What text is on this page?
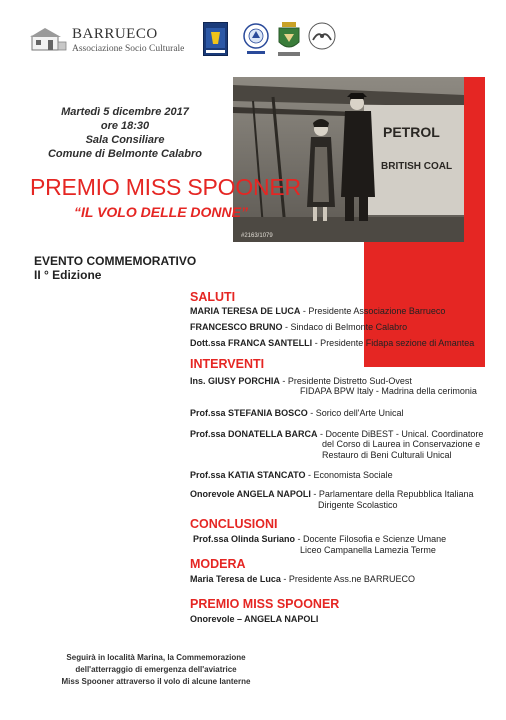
BARRUECO
Associazione Socio Culturale
PETROL
BRITISH COAL
#2163/1079
Martedì 5 dicembre 2017
ore 18:30
Sala Consiliare
Comune di Belmonte Calabro
PREMIO MISS SPOONER
“IL VOLO DELLE DONNE”
EVENTO COMMEMORATIVO
II ° Edizione
SALUTI
MARIA TERESA DE LUCA - Presidente Associazione Barrueco
FRANCESCO BRUNO - Sindaco di Belmonte Calabro
Dott.ssa FRANCA SANTELLI - Presidente Fidapa sezione di Amantea
INTERVENTI
Ins. GIUSY PORCHIA - Presidente Distretto Sud-Ovest
FIDAPA BPW Italy - Madrina della cerimonia
Prof.ssa STEFANIA BOSCO - Sorico dell'Arte Unical
Prof.ssa DONATELLA BARCA - Docente DiBEST - Unical. Coordinatore
del Corso di Laurea in Conservazione e
Restauro di Beni Culturali Unical
Prof.ssa KATIA STANCATO - Economista Sociale
Onorevole ANGELA NAPOLI - Parlamentare della Repubblica Italiana
Dirigente Scolastico
CONCLUSIONI
Prof.ssa Olinda Suriano - Docente Filosofia e Scienze Umane
Liceo Campanella Lamezia Terme
MODERA
Maria Teresa de Luca - Presidente Ass.ne BARRUECO
PREMIO MISS SPOONER
Onorevole – ANGELA NAPOLI
Seguirà in località Marina, la Commemorazione
dell'atterraggio di emergenza dell'aviatrice
Miss Spooner attraverso il volo di alcune lanterne
